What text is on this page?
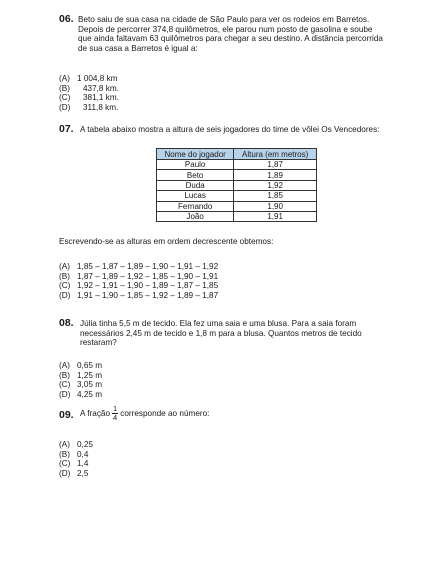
06. Beto saiu de sua casa na cidade de São Paulo para ver os rodeios em Barretos.
Depois de percorrer 374,8 quilômetros, ele parou num posto de gasolina e soube
que ainda faltavam 63 quilômetros para chegar a seu destino. A distância percorrida
de sua casa a Barretos é igual a:
(A) 1 004,8 km
(B)	437,8 km.
(C)	381,1 km.
(D)	311,8 km.
07. A tabela abaixo mostra a altura de seis jogadores do time de vôlei Os Vencedores:
Nome do jogador	Altura (em metros)
Paulo	1,87
Beto	1,89
Duda	1,92
Lucas	1,85
Fernando	1,90
João	1,91
Escrevendo-se as alturas em ordem decrescente obtemos:
(A) 1,85 – 1,87 – 1,89 – 1,90 – 1,91 – 1,92
(B) 1,87 – 1,89 – 1,92 – 1,85 – 1,90 – 1,91
(C) 1,92 – 1,91 – 1,90 – 1,89 – 1,87 – 1,85
(D) 1,91 – 1,90 – 1,85 – 1,92 – 1,89 – 1,87
08. Júlia tinha 5,5 m de tecido. Ela fez uma saia e uma blusa. Para a saia foram
necessários 2,45 m de tecido e 1,8 m para a blusa. Quantos metros de tecido
restaram?
(A) 0,65 m
(B) 1,25 m
(C) 3,05 m
(D) 4,25 m
09. A fração $\frac{1}{4}$ corresponde ao número:
(A) 0,25
(B) 0,4
(C) 1,4
(D) 2,5
